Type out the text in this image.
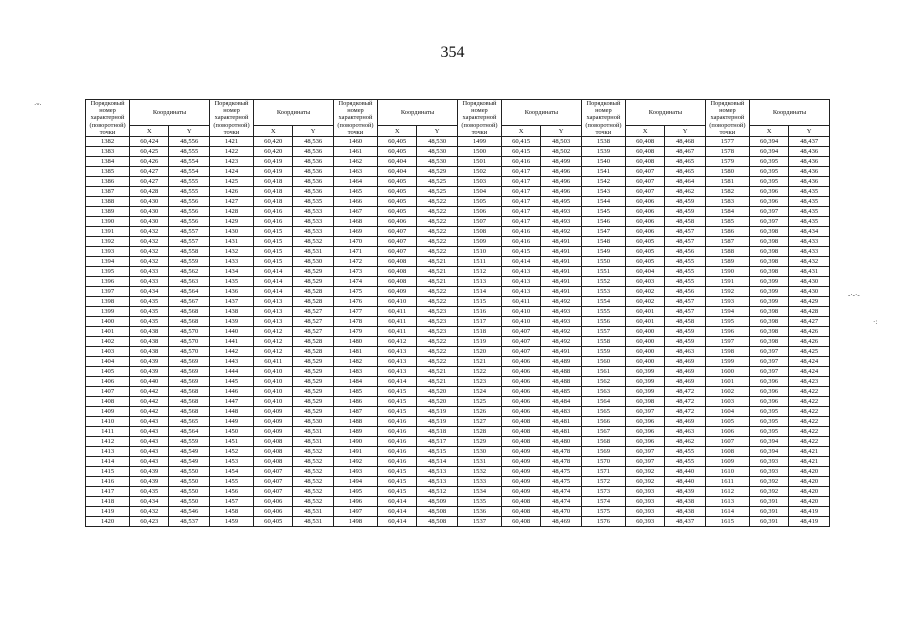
354
·ʷ·
-·-·-
·:
Порядковый номер характерной (поворотной) точки	Координаты		Порядковый номер характерной (поворотной) точки	Координаты		Порядковый номер характерной (поворотной) точки	Координаты		Порядковый номер характерной (поворотной) точки	Координаты		Порядковый номер характерной (поворотной) точки	Координаты		Порядковый номер характерной (поворотной) точки	Координаты	
	X	Y		X	Y		X	Y		X	Y		X	Y		X	Y
1382	60,424	48,556	1421	60,420	48,536	1460	60,405	48,530	1499	60,415	48,503	1538	60,408	48,468	1577	60,394	48,437
1383	60,425	48,555	1422	60,420	48,536	1461	60,405	48,530	1500	60,415	48,502	1539	60,408	48,467	1578	60,394	48,436
1384	60,426	48,554	1423	60,419	48,536	1462	60,404	48,530	1501	60,416	48,499	1540	60,408	48,465	1579	60,395	48,436
1385	60,427	48,554	1424	60,419	48,536	1463	60,404	48,529	1502	60,417	48,496	1541	60,407	48,465	1580	60,395	48,436
1386	60,427	48,555	1425	60,418	48,536	1464	60,405	48,525	1503	60,417	48,496	1542	60,407	48,464	1581	60,395	48,436
1387	60,428	48,555	1426	60,418	48,536	1465	60,405	48,525	1504	60,417	48,496	1543	60,407	48,462	1582	60,396	48,435
1388	60,430	48,556	1427	60,418	48,535	1466	60,405	48,522	1505	60,417	48,495	1544	60,406	48,459	1583	60,396	48,435
1389	60,430	48,556	1428	60,416	48,533	1467	60,405	48,522	1506	60,417	48,493	1545	60,406	48,459	1584	60,397	48,435
1390	60,430	48,556	1429	60,416	48,533	1468	60,406	48,522	1507	60,417	48,493	1546	60,406	48,458	1585	60,397	48,435
1391	60,432	48,557	1430	60,415	48,533	1469	60,407	48,522	1508	60,416	48,492	1547	60,406	48,457	1586	60,398	48,434
1392	60,432	48,557	1431	60,415	48,532	1470	60,407	48,522	1509	60,416	48,491	1548	60,405	48,457	1587	60,398	48,433
1393	60,432	48,558	1432	60,415	48,531	1471	60,407	48,522	1510	60,415	48,491	1549	60,405	48,456	1588	60,398	48,433
1394	60,432	48,559	1433	60,415	48,530	1472	60,408	48,521	1511	60,414	48,491	1550	60,405	48,455	1589	60,398	48,432
1395	60,433	48,562	1434	60,414	48,529	1473	60,408	48,521	1512	60,413	48,491	1551	60,404	48,455	1590	60,398	48,431
1396	60,433	48,563	1435	60,414	48,529	1474	60,408	48,521	1513	60,413	48,491	1552	60,403	48,455	1591	60,399	48,430
1397	60,434	48,564	1436	60,414	48,528	1475	60,409	48,522	1514	60,413	48,491	1553	60,402	48,456	1592	60,399	48,430
1398	60,435	48,567	1437	60,413	48,528	1476	60,410	48,522	1515	60,411	48,492	1554	60,402	48,457	1593	60,399	48,429
1399	60,435	48,568	1438	60,413	48,527	1477	60,411	48,523	1516	60,410	48,493	1555	60,401	48,457	1594	60,398	48,428
1400	60,435	48,568	1439	60,413	48,527	1478	60,411	48,523	1517	60,410	48,493	1556	60,401	48,458	1595	60,398	48,427
1401	60,438	48,570	1440	60,412	48,527	1479	60,411	48,523	1518	60,407	48,492	1557	60,400	48,459	1596	60,398	48,426
1402	60,438	48,570	1441	60,412	48,528	1480	60,412	48,522	1519	60,407	48,492	1558	60,400	48,459	1597	60,398	48,426
1403	60,438	48,570	1442	60,412	48,528	1481	60,413	48,522	1520	60,407	48,491	1559	60,400	48,463	1598	60,397	48,425
1404	60,439	48,569	1443	60,411	48,529	1482	60,413	48,522	1521	60,406	48,489	1560	60,400	48,469	1599	60,397	48,424
1405	60,439	48,569	1444	60,410	48,529	1483	60,413	48,521	1522	60,406	48,488	1561	60,399	48,469	1600	60,397	48,424
1406	60,440	48,569	1445	60,410	48,529	1484	60,414	48,521	1523	60,406	48,488	1562	60,399	48,469	1601	60,396	48,423
1407	60,442	48,568	1446	60,410	48,529	1485	60,415	48,520	1524	60,406	48,485	1563	60,399	48,472	1602	60,396	48,422
1408	60,442	48,568	1447	60,410	48,529	1486	60,415	48,520	1525	60,406	48,484	1564	60,398	48,472	1603	60,396	48,422
1409	60,442	48,568	1448	60,409	48,529	1487	60,415	48,519	1526	60,406	48,483	1565	60,397	48,472	1604	60,395	48,422
1410	60,443	48,565	1449	60,409	48,530	1488	60,416	48,519	1527	60,408	48,481	1566	60,396	48,469	1605	60,395	48,422
1411	60,443	48,564	1450	60,409	48,531	1489	60,416	48,518	1528	60,408	48,481	1567	60,396	48,463	1606	60,395	48,422
1412	60,443	48,559	1451	60,408	48,531	1490	60,416	48,517	1529	60,408	48,480	1568	60,396	48,462	1607	60,394	48,422
1413	60,443	48,549	1452	60,408	48,532	1491	60,416	48,515	1530	60,409	48,478	1569	60,397	48,455	1608	60,394	48,421
1414	60,443	48,549	1453	60,408	48,532	1492	60,416	48,514	1531	60,409	48,478	1570	60,397	48,455	1609	60,393	48,421
1415	60,439	48,550	1454	60,407	48,532	1493	60,415	48,513	1532	60,409	48,475	1571	60,392	48,440	1610	60,393	48,420
1416	60,439	48,550	1455	60,407	48,532	1494	60,415	48,513	1533	60,409	48,475	1572	60,392	48,440	1611	60,392	48,420
1417	60,435	48,550	1456	60,407	48,532	1495	60,415	48,512	1534	60,409	48,474	1573	60,393	48,439	1612	60,392	48,420
1418	60,434	48,550	1457	60,406	48,532	1496	60,414	48,509	1535	60,408	48,474	1574	60,393	48,438	1613	60,391	48,420
1419	60,432	48,546	1458	60,406	48,531	1497	60,414	48,508	1536	60,408	48,470	1575	60,393	48,438	1614	60,391	48,419
1420	60,423	48,537	1459	60,405	48,531	1498	60,414	48,508	1537	60,408	48,469	1576	60,393	48,437	1615	60,391	48,419
